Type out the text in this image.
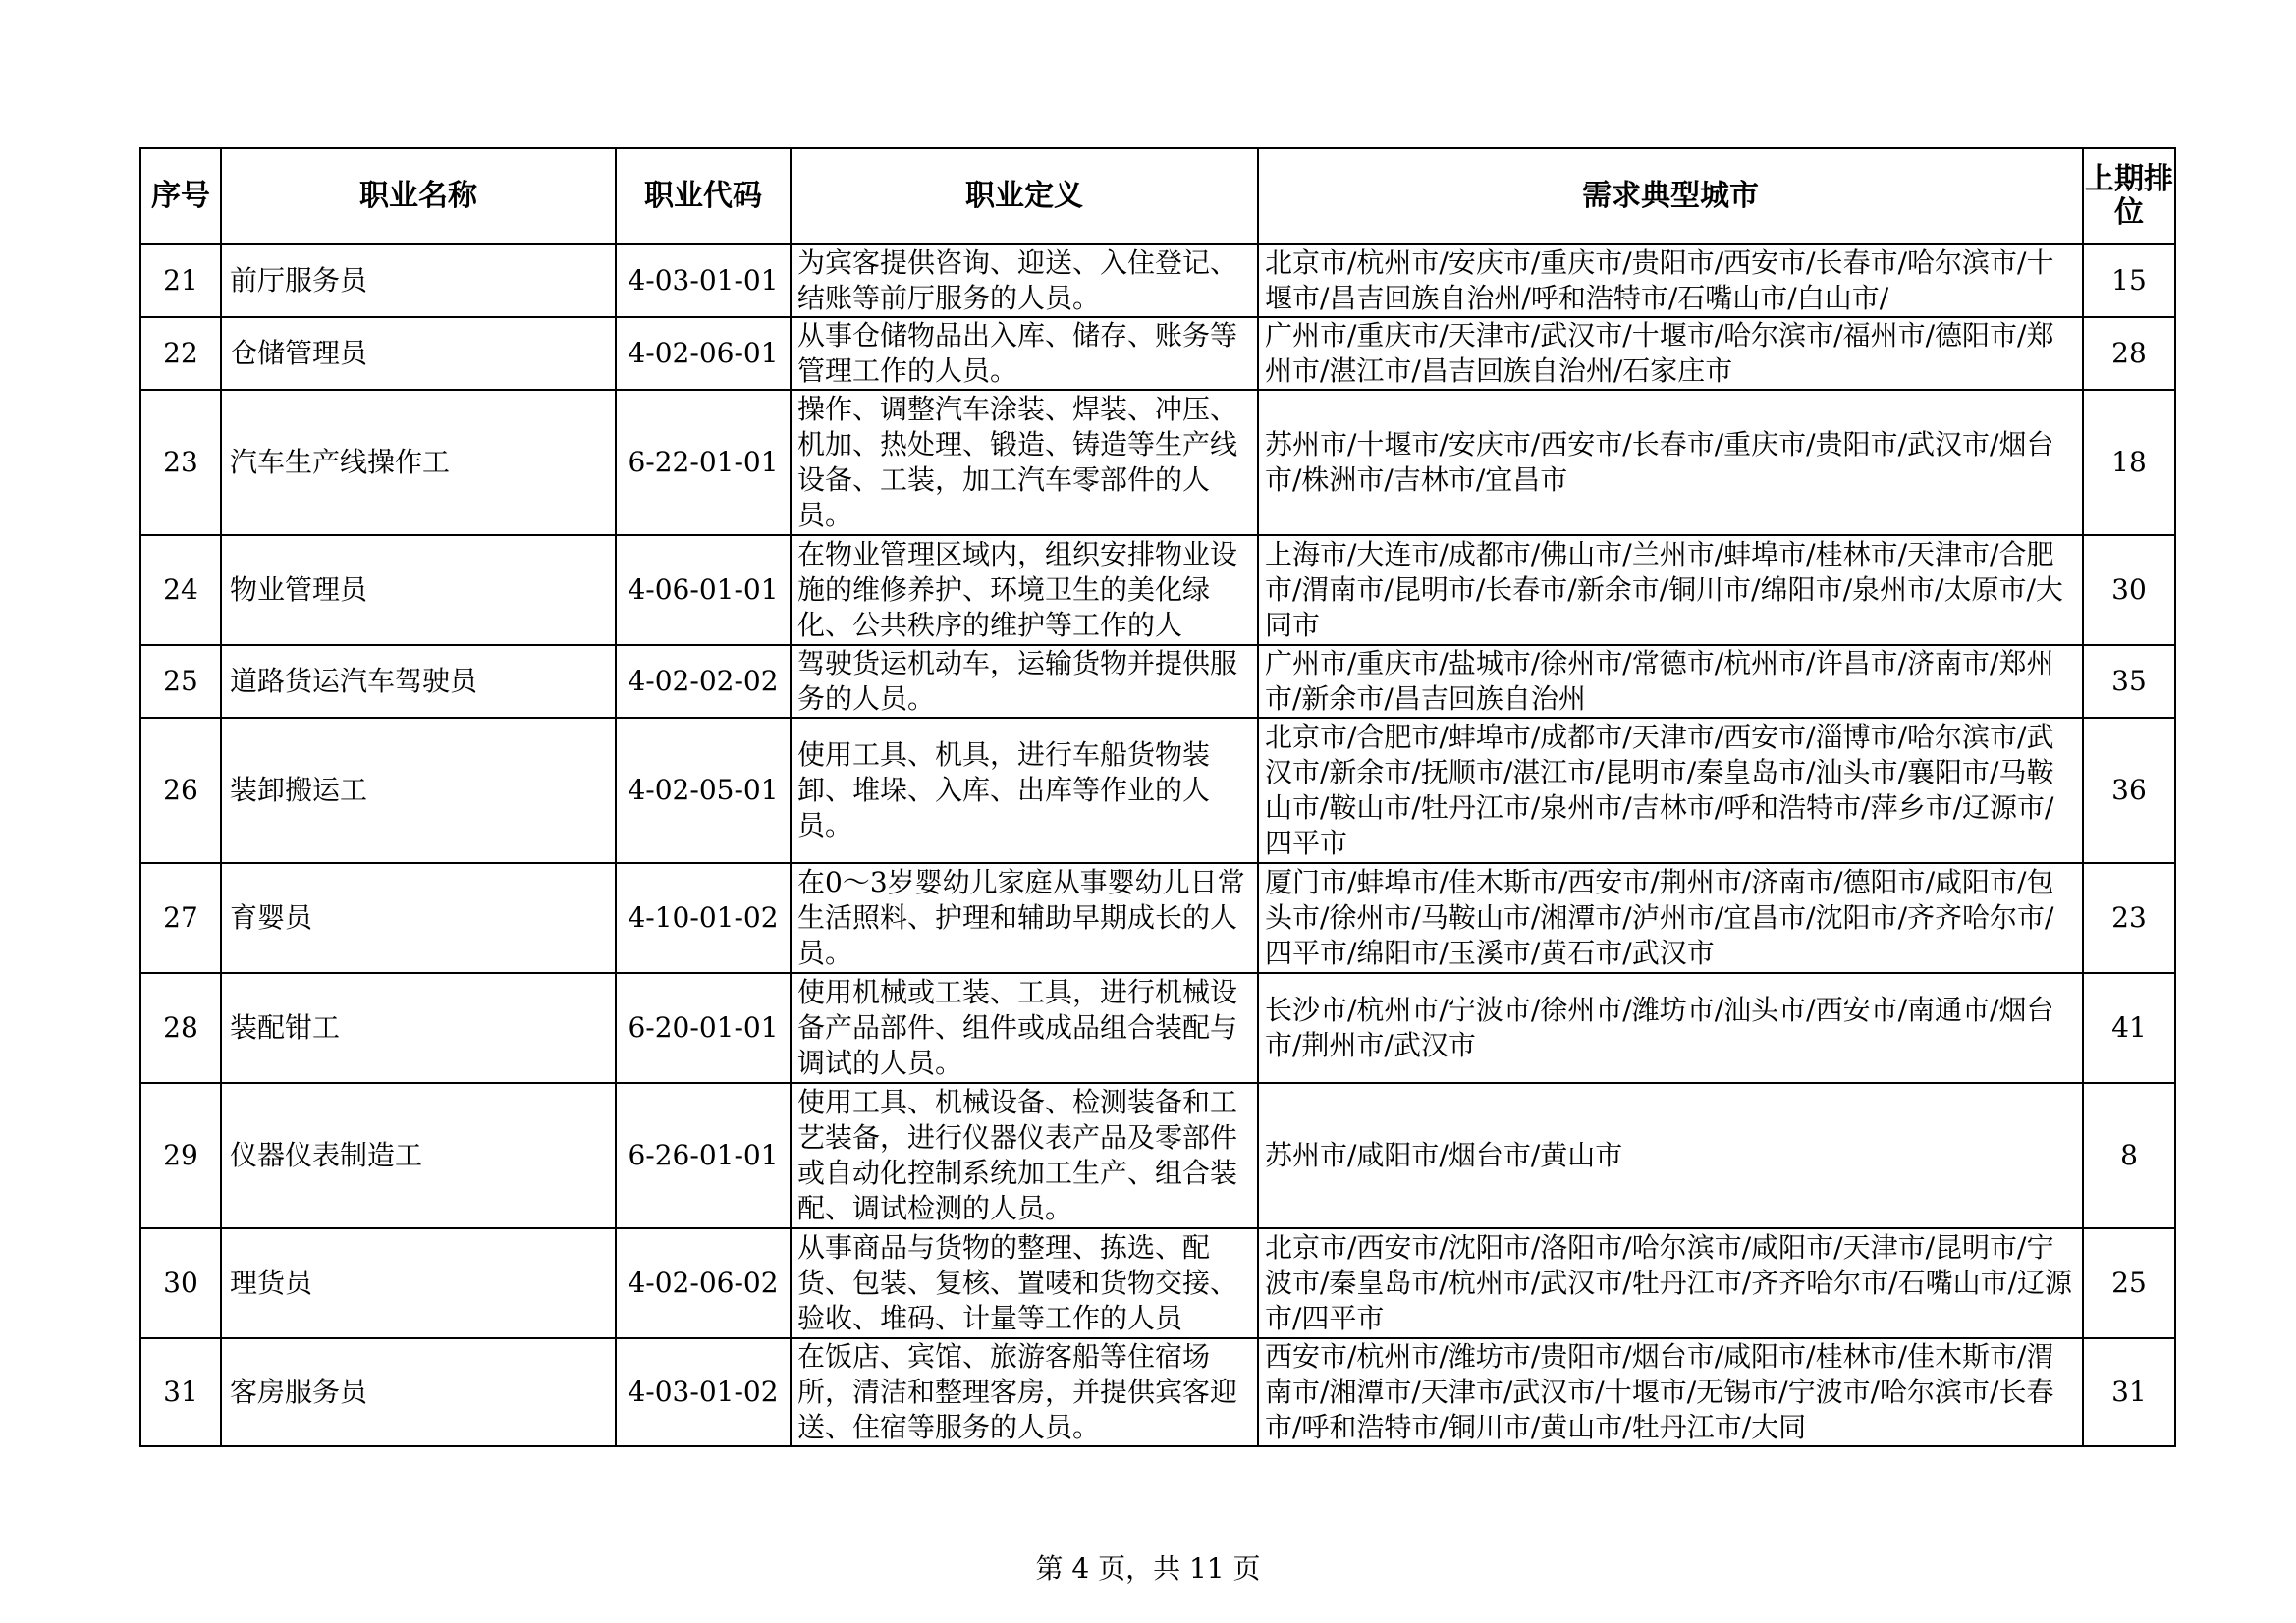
序号	职业名称	职业代码	职业定义	需求典型城市	上期排位

21	前厅服务员	4-03-01-01	为宾客提供咨询、迎送、入住登记、结账等前厅服务的人员。	北京市/杭州市/安庆市/重庆市/贵阳市/西安市/长春市/哈尔滨市/十堰市/昌吉回族自治州/呼和浩特市/石嘴山市/白山市/	15

22	仓储管理员	4-02-06-01	从事仓储物品出入库、储存、账务等管理工作的人员。	广州市/重庆市/天津市/武汉市/十堰市/哈尔滨市/福州市/德阳市/郑州市/湛江市/昌吉回族自治州/石家庄市	28

23	汽车生产线操作工	6-22-01-01	操作、调整汽车涂装、焊装、冲压、机加、热处理、锻造、铸造等生产线设备、工装，加工汽车零部件的人员。	苏州市/十堰市/安庆市/西安市/长春市/重庆市/贵阳市/武汉市/烟台市/株洲市/吉林市/宜昌市	18

24	物业管理员	4-06-01-01	在物业管理区域内，组织安排物业设施的维修养护、环境卫生的美化绿化、公共秩序的维护等工作的人	上海市/大连市/成都市/佛山市/兰州市/蚌埠市/桂林市/天津市/合肥市/渭南市/昆明市/长春市/新余市/铜川市/绵阳市/泉州市/太原市/大同市	30

25	道路货运汽车驾驶员	4-02-02-02	驾驶货运机动车，运输货物并提供服务的人员。	广州市/重庆市/盐城市/徐州市/常德市/杭州市/许昌市/济南市/郑州市/新余市/昌吉回族自治州	35

26	装卸搬运工	4-02-05-01	使用工具、机具，进行车船货物装卸、堆垛、入库、出库等作业的人员。	北京市/合肥市/蚌埠市/成都市/天津市/西安市/淄博市/哈尔滨市/武汉市/新余市/抚顺市/湛江市/昆明市/秦皇岛市/汕头市/襄阳市/马鞍山市/鞍山市/牡丹江市/泉州市/吉林市/呼和浩特市/萍乡市/辽源市/四平市	36

27	育婴员	4-10-01-02	在0～3岁婴幼儿家庭从事婴幼儿日常生活照料、护理和辅助早期成长的人员。	厦门市/蚌埠市/佳木斯市/西安市/荆州市/济南市/德阳市/咸阳市/包头市/徐州市/马鞍山市/湘潭市/泸州市/宜昌市/沈阳市/齐齐哈尔市/四平市/绵阳市/玉溪市/黄石市/武汉市	23

28	装配钳工	6-20-01-01	使用机械或工装、工具，进行机械设备产品部件、组件或成品组合装配与调试的人员。	长沙市/杭州市/宁波市/徐州市/潍坊市/汕头市/西安市/南通市/烟台市/荆州市/武汉市	41

29	仪器仪表制造工	6-26-01-01	使用工具、机械设备、检测装备和工艺装备，进行仪器仪表产品及零部件或自动化控制系统加工生产、组合装配、调试检测的人员。	苏州市/咸阳市/烟台市/黄山市	8

30	理货员	4-02-06-02	从事商品与货物的整理、拣选、配货、包装、复核、置唛和货物交接、验收、堆码、计量等工作的人员	北京市/西安市/沈阳市/洛阳市/哈尔滨市/咸阳市/天津市/昆明市/宁波市/秦皇岛市/杭州市/武汉市/牡丹江市/齐齐哈尔市/石嘴山市/辽源市/四平市	25

31	客房服务员	4-03-01-02	在饭店、宾馆、旅游客船等住宿场所，清洁和整理客房，并提供宾客迎送、住宿等服务的人员。	西安市/杭州市/潍坊市/贵阳市/烟台市/咸阳市/桂林市/佳木斯市/渭南市/湘潭市/天津市/武汉市/十堰市/无锡市/宁波市/哈尔滨市/长春市/呼和浩特市/铜川市/黄山市/牡丹江市/大同	31
第 4 页，共 11 页
